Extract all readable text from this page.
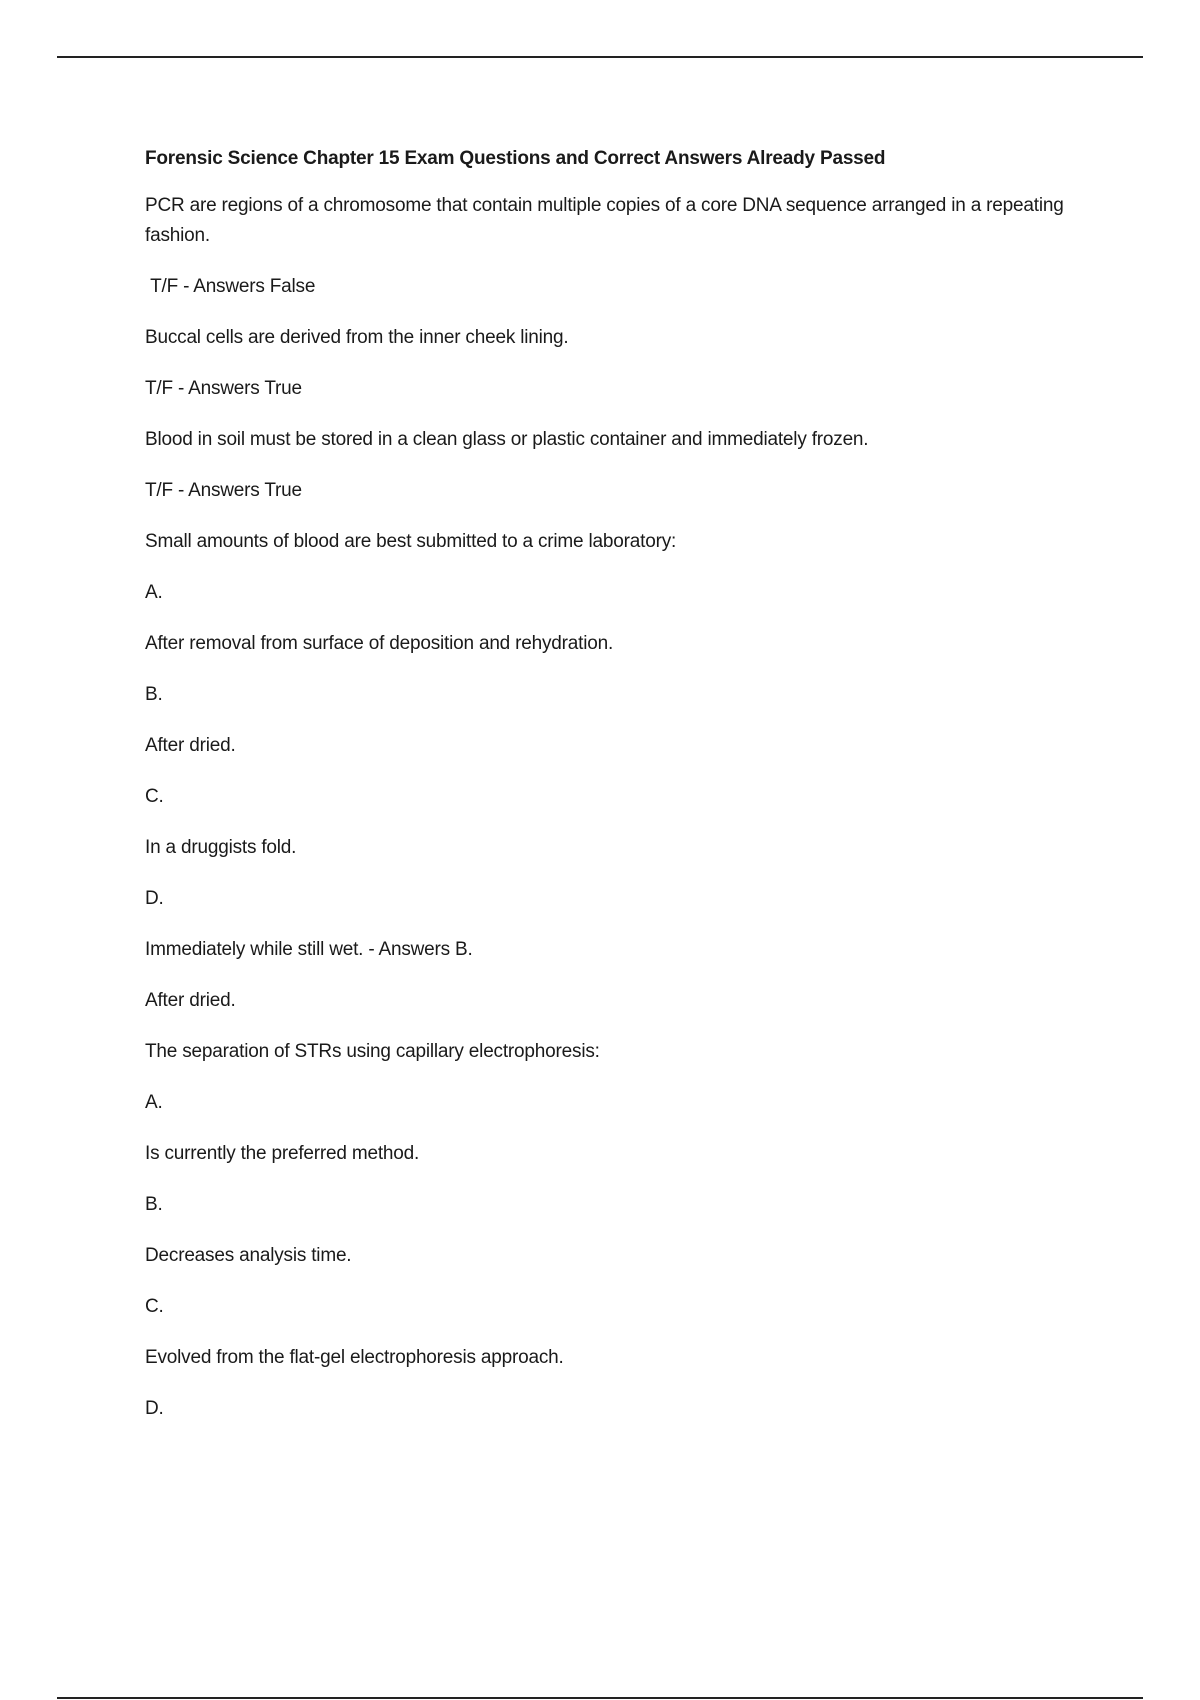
Forensic Science Chapter 15 Exam Questions and Correct Answers Already Passed
PCR are regions of a chromosome that contain multiple copies of a core DNA sequence arranged in a repeating fashion.
T/F - Answers False
Buccal cells are derived from the inner cheek lining.
T/F - Answers True
Blood in soil must be stored in a clean glass or plastic container and immediately frozen.
T/F - Answers True
Small amounts of blood are best submitted to a crime laboratory:
A.
After removal from surface of deposition and rehydration.
B.
After dried.
C.
In a druggists fold.
D.
Immediately while still wet. - Answers B.
After dried.
The separation of STRs using capillary electrophoresis:
A.
Is currently the preferred method.
B.
Decreases analysis time.
C.
Evolved from the flat-gel electrophoresis approach.
D.
